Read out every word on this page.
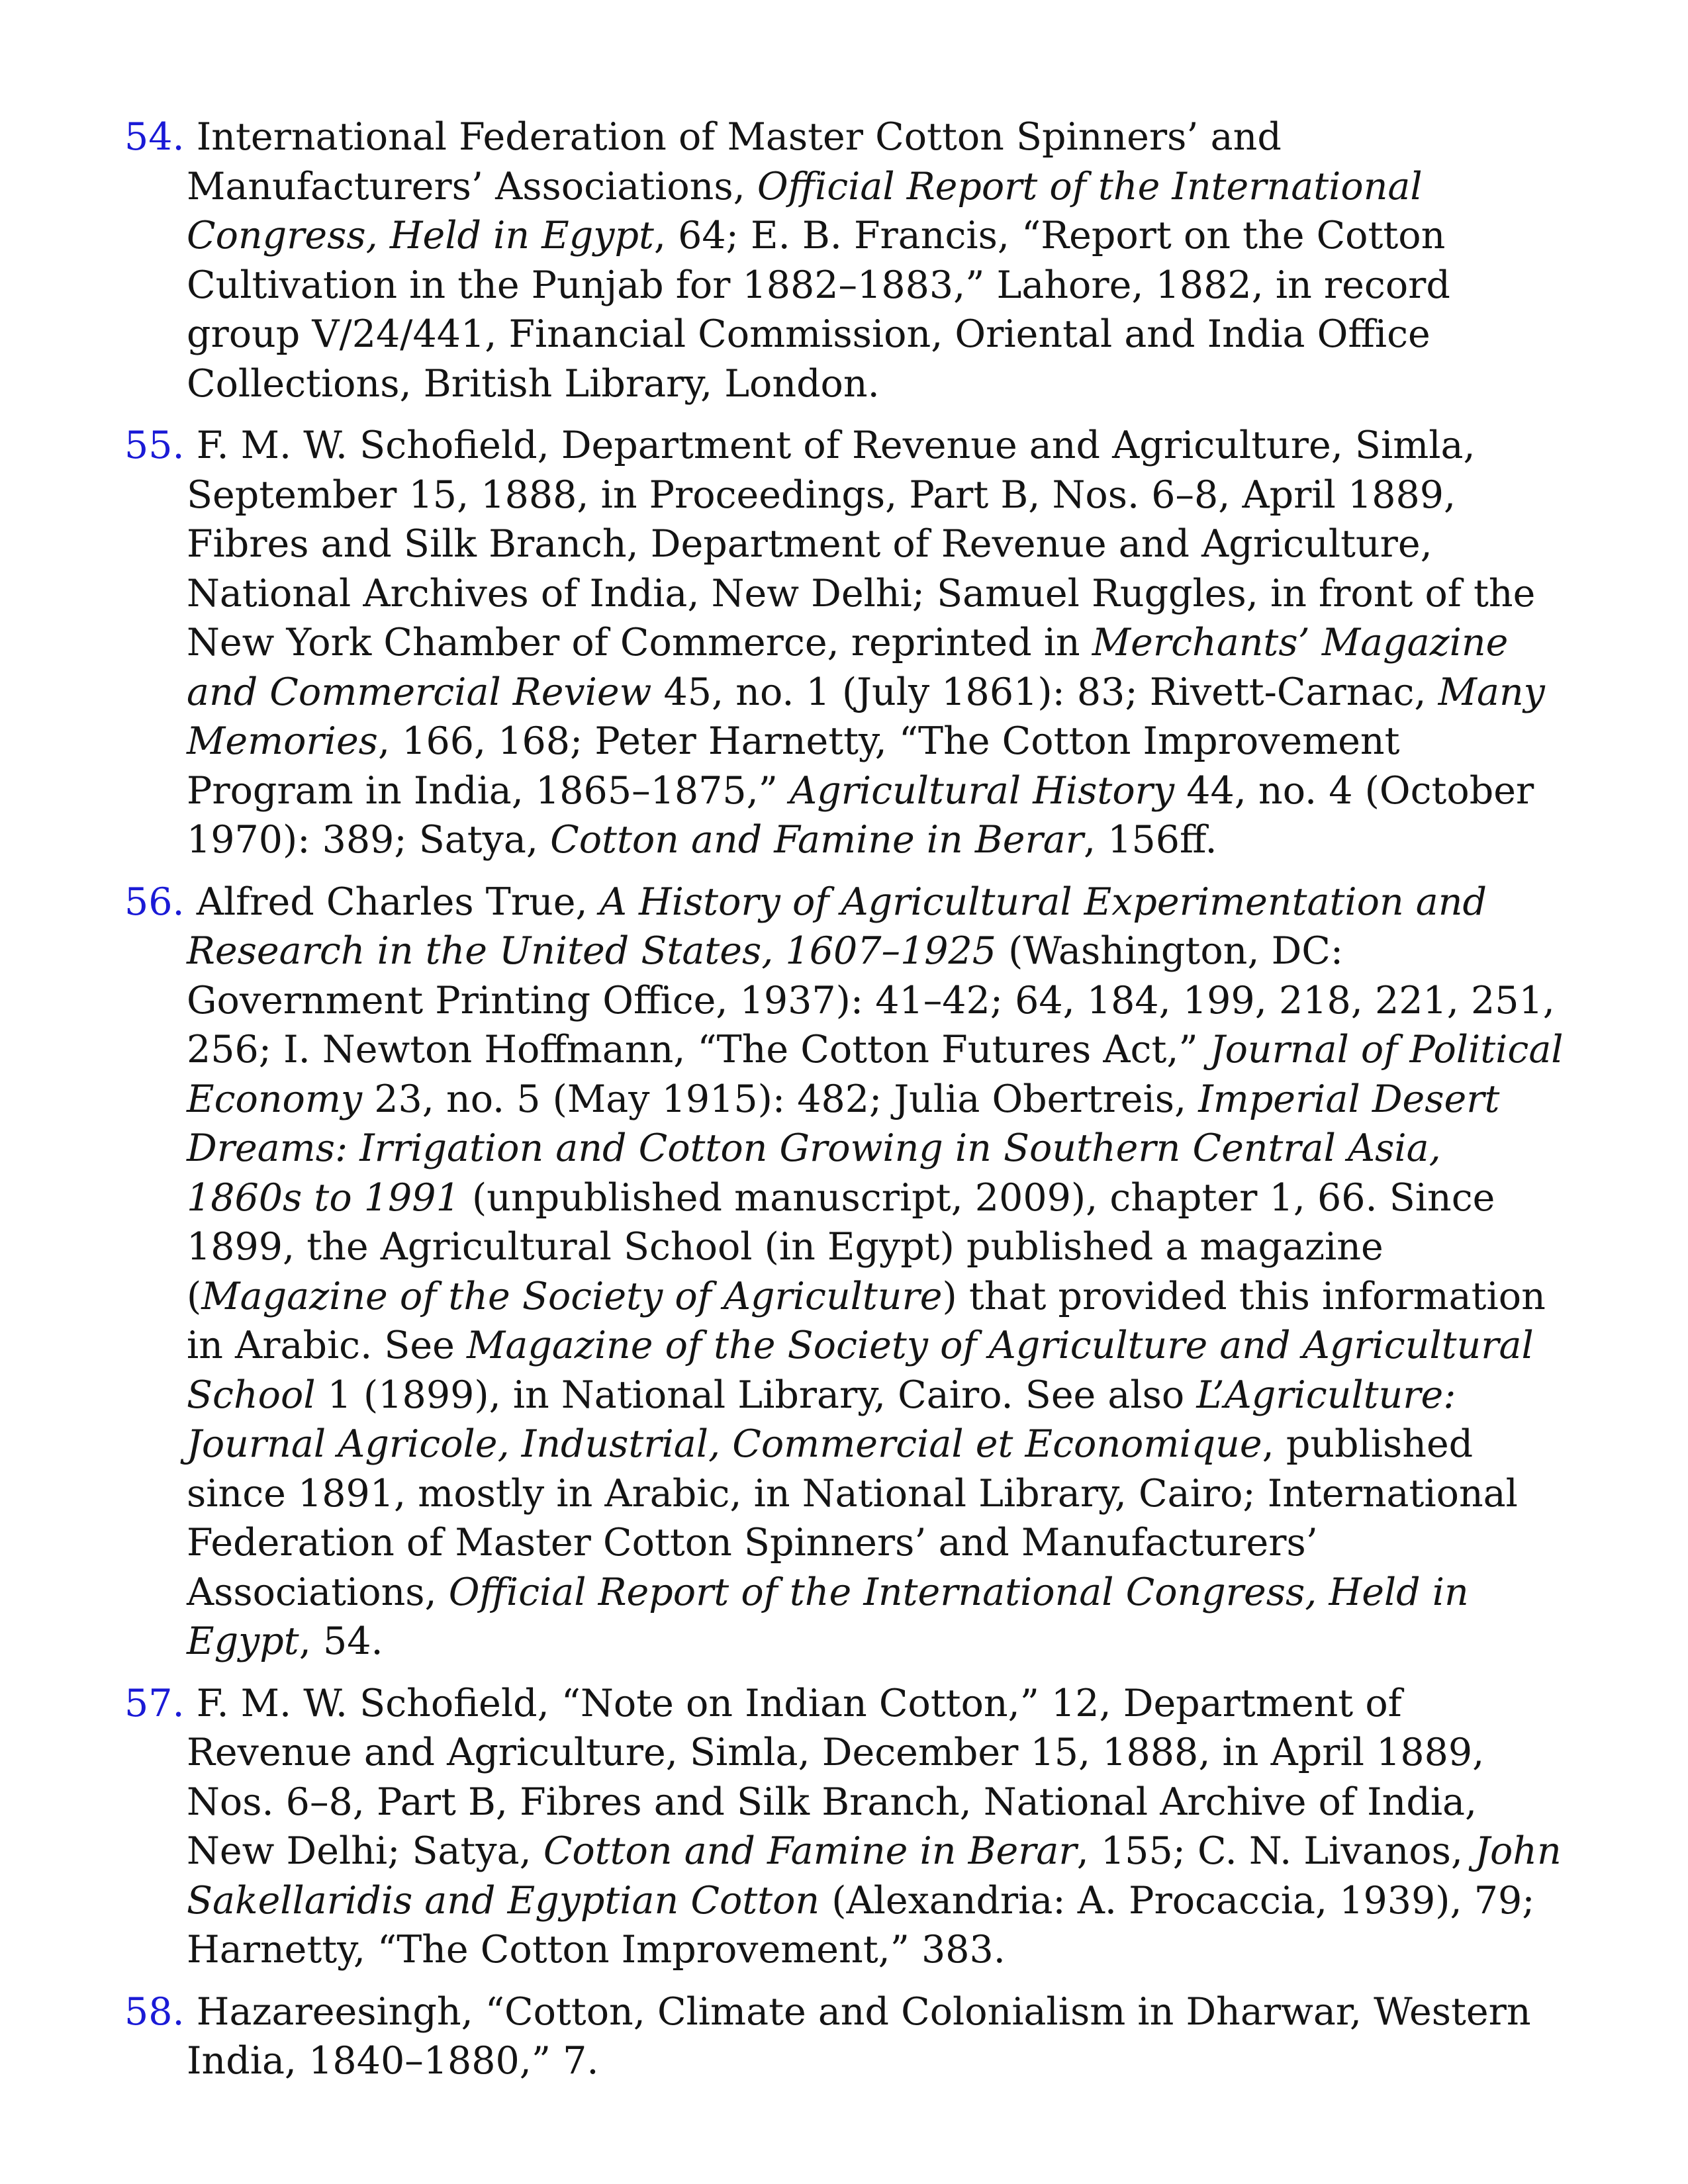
54. International Federation of Master Cotton Spinners’ and Manufacturers’ Associations, Official Report of the International Congress, Held in Egypt, 64; E. B. Francis, “Report on the Cotton Cultivation in the Punjab for 1882–1883,” Lahore, 1882, in record group V/24/441, Financial Commission, Oriental and India Office Collections, British Library, London.
55. F. M. W. Schofield, Department of Revenue and Agriculture, Simla, September 15, 1888, in Proceedings, Part B, Nos. 6–8, April 1889, Fibres and Silk Branch, Department of Revenue and Agriculture, National Archives of India, New Delhi; Samuel Ruggles, in front of the New York Chamber of Commerce, reprinted in Merchants’ Magazine and Commercial Review 45, no. 1 (July 1861): 83; Rivett-Carnac, Many Memories, 166, 168; Peter Harnetty, “The Cotton Improvement Program in India, 1865–1875,” Agricultural History 44, no. 4 (October 1970): 389; Satya, Cotton and Famine in Berar, 156ff.
56. Alfred Charles True, A History of Agricultural Experimentation and Research in the United States, 1607–1925 (Washington, DC: Government Printing Office, 1937): 41–42; 64, 184, 199, 218, 221, 251, 256; I. Newton Hoffmann, “The Cotton Futures Act,” Journal of Political Economy 23, no. 5 (May 1915): 482; Julia Obertreis, Imperial Desert Dreams: Irrigation and Cotton Growing in Southern Central Asia, 1860s to 1991 (unpublished manuscript, 2009), chapter 1, 66. Since 1899, the Agricultural School (in Egypt) published a magazine (Magazine of the Society of Agriculture) that provided this information in Arabic. See Magazine of the Society of Agriculture and Agricultural School 1 (1899), in National Library, Cairo. See also L’Agriculture: Journal Agricole, Industrial, Commercial et Economique, published since 1891, mostly in Arabic, in National Library, Cairo; International Federation of Master Cotton Spinners’ and Manufacturers’ Associations, Official Report of the International Congress, Held in Egypt, 54.
57. F. M. W. Schofield, “Note on Indian Cotton,” 12, Department of Revenue and Agriculture, Simla, December 15, 1888, in April 1889, Nos. 6–8, Part B, Fibres and Silk Branch, National Archive of India, New Delhi; Satya, Cotton and Famine in Berar, 155; C. N. Livanos, John Sakellaridis and Egyptian Cotton (Alexandria: A. Procaccia, 1939), 79; Harnetty, “The Cotton Improvement,” 383.
58. Hazareesingh, “Cotton, Climate and Colonialism in Dharwar, Western India, 1840–1880,” 7.
